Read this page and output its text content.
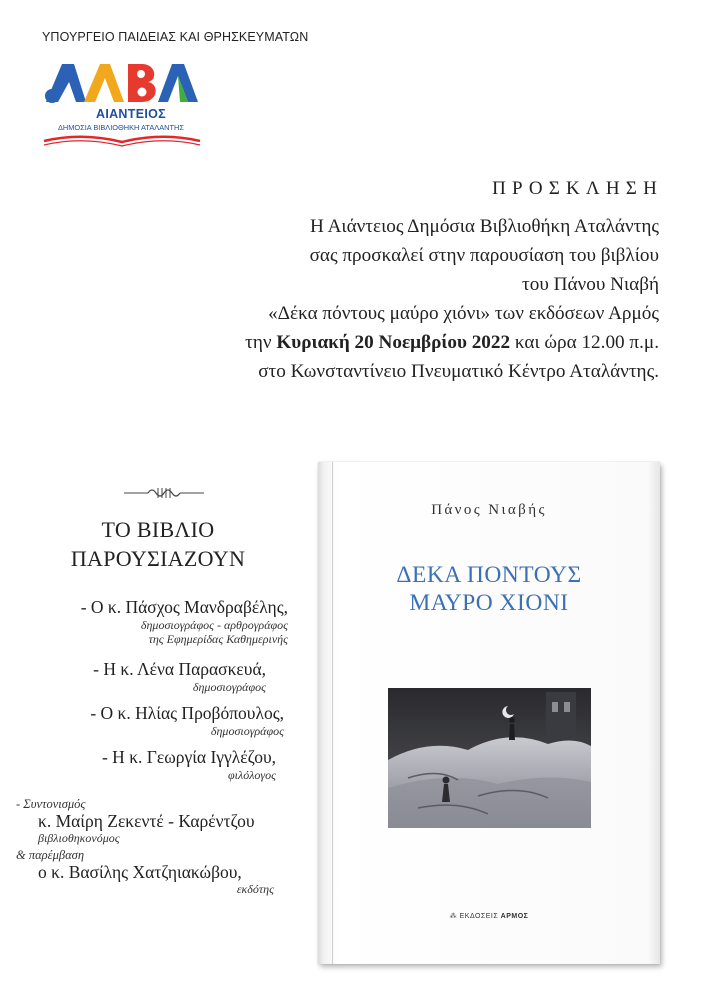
ΥΠΟΥΡΓΕΙΟ ΠΑΙΔΕΙΑΣ ΚΑΙ ΘΡΗΣΚΕΥΜΑΤΩΝ
ΑΙΑΝΤΕΙΟΣ
ΔΗΜΟΣΙΑ ΒΙΒΛΙΟΘΗΚΗ ΑΤΑΛΑΝΤΗΣ
ΠΡΟΣΚΛΗΣΗ
Η Αιάντειος Δημόσια Βιβλιοθήκη Αταλάντης
σας προσκαλεί στην παρουσίαση του βιβλίου
του Πάνου Νιαβή
«Δέκα πόντους μαύρο χιόνι» των εκδόσεων Αρμός
την Κυριακή 20 Νοεμβρίου 2022 και ώρα 12.00 π.μ.
στο Κωνσταντίνειο Πνευματικό Κέντρο Αταλάντης.
ΤΟ ΒΙΒΛΙΟ
ΠΑΡΟΥΣΙΑΖΟΥΝ
- Ο κ. Πάσχος Μανδραβέλης,
δημοσιογράφος - αρθρογράφος
της Εφημερίδας Καθημερινής
- Η κ. Λένα Παρασκευά,
δημοσιογράφος
- Ο κ. Ηλίας Προβόπουλος,
δημοσιογράφος
- Η κ. Γεωργία Ιγγλέζου,
φιλόλογος
- Συντονισμός
κ. Μαίρη Ζεκεντέ - Καρέντζου
βιβλιοθηκονόμος
& παρέμβαση
ο κ. Βασίλης Χατζηιακώβου,
εκδότης
Πάνος Νιαβής
ΔΕΚΑ ΠΟΝΤΟΥΣ
ΜΑΥΡΟ ΧΙΟΝΙ
⁂ ΕΚΔΟΣΕΙΣ ΑΡΜΟΣ
